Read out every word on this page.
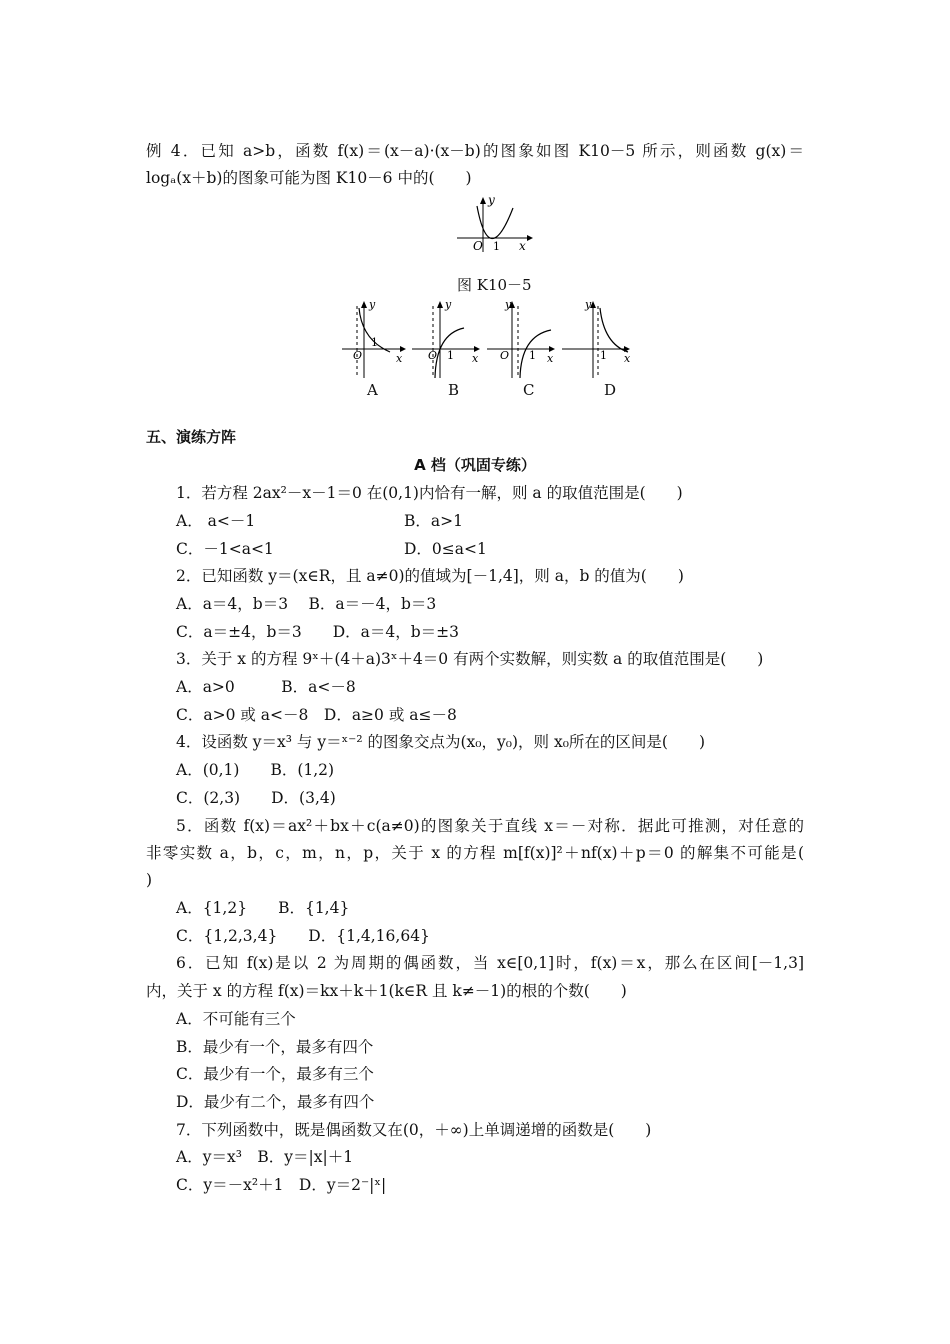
例 4．已知 a>b，函数 f(x)＝(x－a)·(x－b)的图象如图 K10－5 所示，则函数 g(x)＝
logₐ(x＋b)的图象可能为图 K10－6 中的(　　)
y
x
O 1
图 K10－5
y
x
O
1
y
x
O 1
y
x
O 1
y
x
1
A	B	C	D
五、演练方阵
A 档（巩固专练）
1．若方程 2ax²－x－1＝0 在(0,1)内恰有一解，则 a 的取值范围是(　　)
A． a<－1	B．a>1
C．－1<a<1	D．0≤a<1
2．已知函数 y＝(x∈R，且 a≠0)的值域为[－1,4]，则 a，b 的值为(　　)
A．a＝4，b＝3　 B．a＝－4，b＝3
C．a＝±4，b＝3　　D．a＝4，b＝±3
3．关于 x 的方程 9ˣ＋(4＋a)3ˣ＋4＝0 有两个实数解，则实数 a 的取值范围是(　　)
A．a>0　　　B．a<－8
C．a>0 或 a<－8　D．a≥0 或 a≤－8
4．设函数 y＝x³ 与 y＝ˣ⁻² 的图象交点为(x₀，y₀)，则 x₀所在的区间是(　　)
A．(0,1)　　B．(1,2)
C．(2,3)　　D．(3,4)
5．函数 f(x)＝ax²＋bx＋c(a≠0)的图象关于直线 x＝－对称．据此可推测，对任意的
非零实数 a，b，c，m，n，p，关于 x 的方程 m[f(x)]²＋nf(x)＋p＝0 的解集不可能是(
)
A．{1,2}　　B．{1,4}
C．{1,2,3,4}　　D．{1,4,16,64}
6．已知 f(x)是以 2 为周期的偶函数，当 x∈[0,1]时，f(x)＝x，那么在区间[－1,3]
内，关于 x 的方程 f(x)＝kx＋k＋1(k∈R 且 k≠－1)的根的个数(　　)
A．不可能有三个
B．最少有一个，最多有四个
C．最少有一个，最多有三个
D．最少有二个，最多有四个
7．下列函数中，既是偶函数又在(0，＋∞)上单调递增的函数是(　　)
A．y＝x³　B．y＝|x|＋1
C．y＝－x²＋1　D．y＝2⁻|ˣ|
